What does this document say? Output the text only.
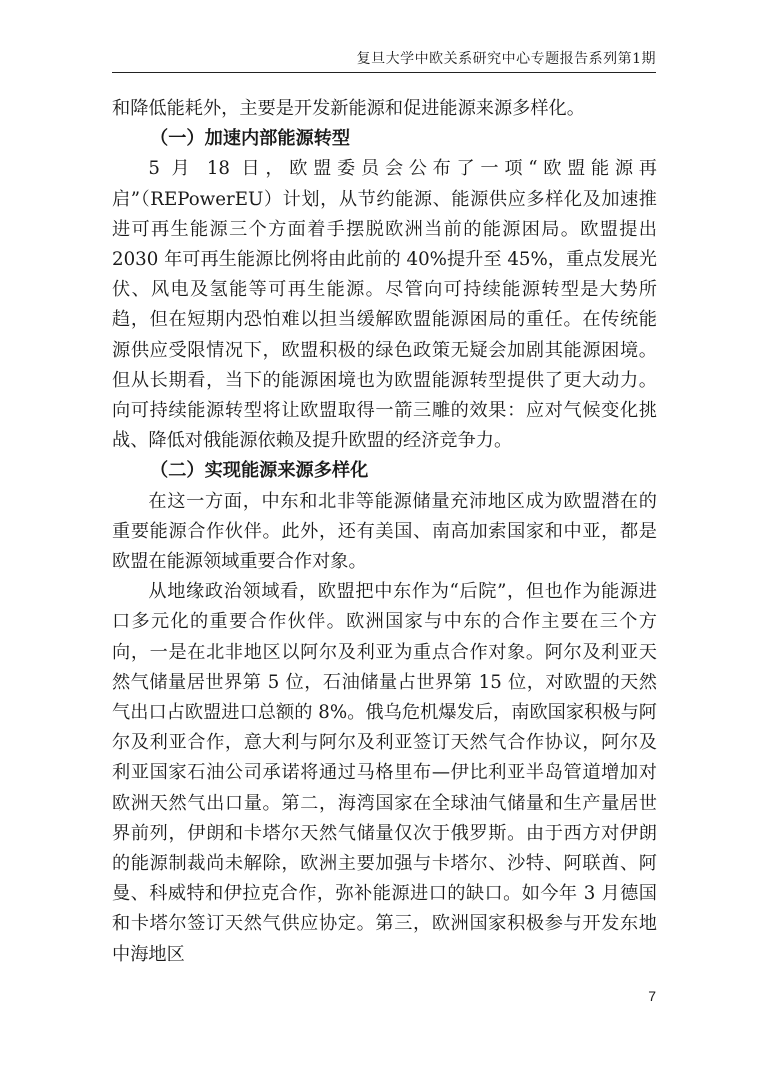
复旦大学中欧关系研究中心专题报告系列第1期

和降低能耗外，主要是开发新能源和促进能源来源多样化。

（一）加速内部能源转型

5 月 18 日，欧盟委员会公布了一项“欧盟能源再启”（REPowerEU）计划，从节约能源、能源供应多样化及加速推进可再生能源三个方面着手摆脱欧洲当前的能源困局。欧盟提出 2030 年可再生能源比例将由此前的 40%提升至 45%，重点发展光伏、风电及氢能等可再生能源。尽管向可持续能源转型是大势所趋，但在短期内恐怕难以担当缓解欧盟能源困局的重任。在传统能源供应受限情况下，欧盟积极的绿色政策无疑会加剧其能源困境。但从长期看，当下的能源困境也为欧盟能源转型提供了更大动力。向可持续能源转型将让欧盟取得一箭三雕的效果：应对气候变化挑战、降低对俄能源依赖及提升欧盟的经济竞争力。

（二）实现能源来源多样化

在这一方面，中东和北非等能源储量充沛地区成为欧盟潜在的重要能源合作伙伴。此外，还有美国、南高加索国家和中亚，都是欧盟在能源领域重要合作对象。

从地缘政治领域看，欧盟把中东作为“后院”，但也作为能源进口多元化的重要合作伙伴。欧洲国家与中东的合作主要在三个方向，一是在北非地区以阿尔及利亚为重点合作对象。阿尔及利亚天然气储量居世界第 5 位，石油储量占世界第 15 位，对欧盟的天然气出口占欧盟进口总额的 8%。俄乌危机爆发后，南欧国家积极与阿尔及利亚合作，意大利与阿尔及利亚签订天然气合作协议，阿尔及利亚国家石油公司承诺将通过马格里布—伊比利亚半岛管道增加对欧洲天然气出口量。第二，海湾国家在全球油气储量和生产量居世界前列，伊朗和卡塔尔天然气储量仅次于俄罗斯。由于西方对伊朗的能源制裁尚未解除，欧洲主要加强与卡塔尔、沙特、阿联酋、阿曼、科威特和伊拉克合作，弥补能源进口的缺口。如今年 3 月德国和卡塔尔签订天然气供应协定。第三，欧洲国家积极参与开发东地中海地区

7
